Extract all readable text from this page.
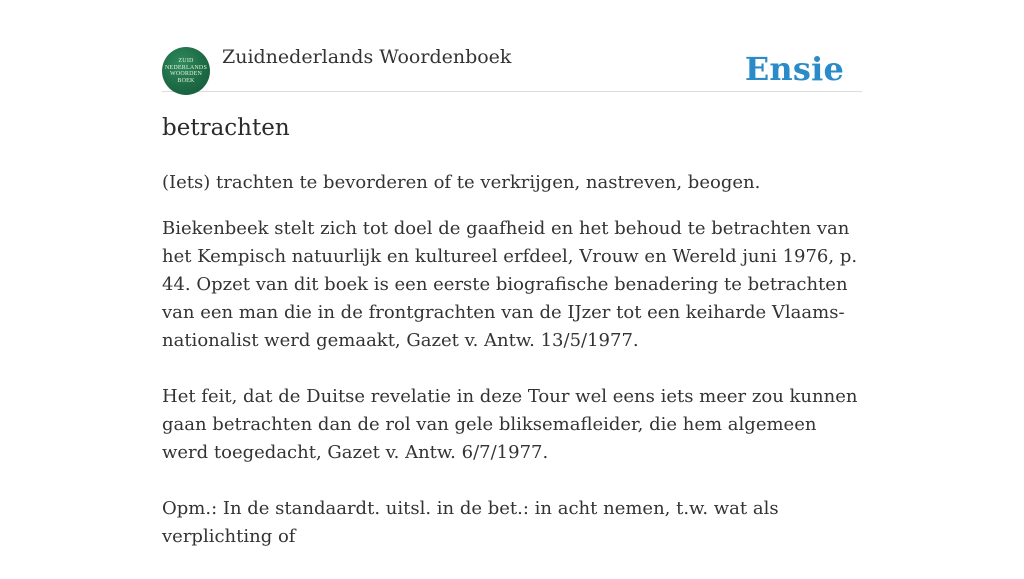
ZUID
NEDERLANDS
WOORDEN
BOEK
Zuidnederlands Woordenboek	Ensie
betrachten
(Iets) trachten te bevorderen of te verkrijgen, nastreven, beogen.

Biekenbeek stelt zich tot doel de gaafheid en het behoud te betrachten van het Kempisch natuurlijk en kultureel erfdeel, Vrouw en Wereld juni 1976, p. 44. Opzet van dit boek is een eerste biografische benadering te betrachten van een man die in de frontgrachten van de IJzer tot een keiharde Vlaams-nationalist werd gemaakt, Gazet v. Antw. 13/5/1977.

Het feit, dat de Duitse revelatie in deze Tour wel eens iets meer zou kunnen gaan betrachten dan de rol van gele bliksemafleider, die hem algemeen werd toegedacht, Gazet v. Antw. 6/7/1977.

Opm.: In de standaardt. uitsl. in de bet.: in acht nemen, t.w. wat als verplichting of
